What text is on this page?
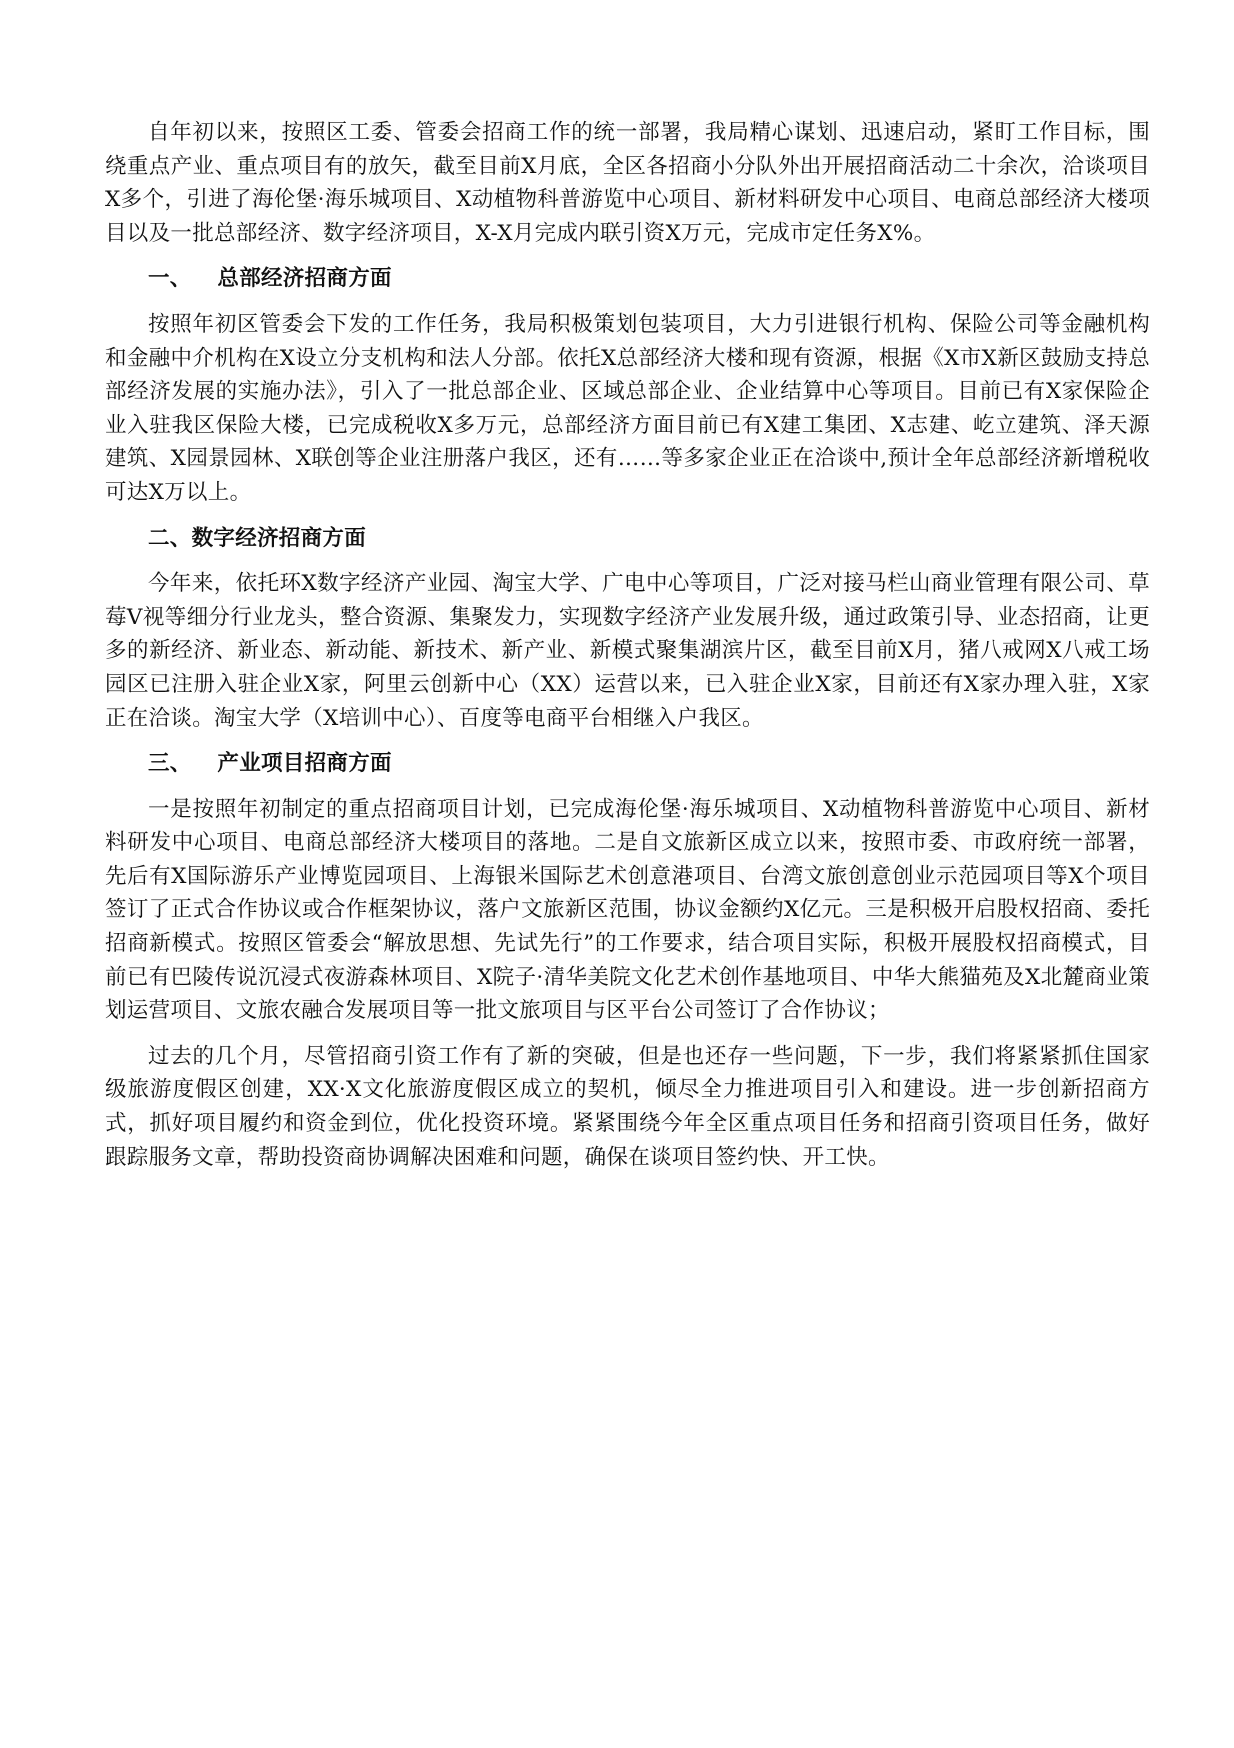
自年初以来，按照区工委、管委会招商工作的统一部署，我局精心谋划、迅速启动，紧盯工作目标，围绕重点产业、重点项目有的放矢，截至目前X月底，全区各招商小分队外出开展招商活动二十余次，洽谈项目X多个，引进了海伦堡·海乐城项目、X动植物科普游览中心项目、新材料研发中心项目、电商总部经济大楼项目以及一批总部经济、数字经济项目，X-X月完成内联引资X万元，完成市定任务X%。

一、 总部经济招商方面

按照年初区管委会下发的工作任务，我局积极策划包装项目，大力引进银行机构、保险公司等金融机构和金融中介机构在X设立分支机构和法人分部。依托X总部经济大楼和现有资源，根据《X市X新区鼓励支持总部经济发展的实施办法》，引入了一批总部企业、区域总部企业、企业结算中心等项目。目前已有X家保险企业入驻我区保险大楼，已完成税收X多万元，总部经济方面目前已有X建工集团、X志建、屹立建筑、泽天源建筑、X园景园林、X联创等企业注册落户我区，还有……等多家企业正在洽谈中,预计全年总部经济新增税收可达X万以上。

二、数字经济招商方面

今年来，依托环X数字经济产业园、淘宝大学、广电中心等项目，广泛对接马栏山商业管理有限公司、草莓V视等细分行业龙头，整合资源、集聚发力，实现数字经济产业发展升级，通过政策引导、业态招商，让更多的新经济、新业态、新动能、新技术、新产业、新模式聚集湖滨片区，截至目前X月，猪八戒网X八戒工场园区已注册入驻企业X家，阿里云创新中心（XX）运营以来，已入驻企业X家，目前还有X家办理入驻，X家正在洽谈。淘宝大学（X培训中心）、百度等电商平台相继入户我区。

三、 产业项目招商方面

一是按照年初制定的重点招商项目计划，已完成海伦堡·海乐城项目、X动植物科普游览中心项目、新材料研发中心项目、电商总部经济大楼项目的落地。二是自文旅新区成立以来，按照市委、市政府统一部署，先后有X国际游乐产业博览园项目、上海银米国际艺术创意港项目、台湾文旅创意创业示范园项目等X个项目签订了正式合作协议或合作框架协议，落户文旅新区范围，协议金额约X亿元。三是积极开启股权招商、委托招商新模式。按照区管委会“解放思想、先试先行”的工作要求，结合项目实际，积极开展股权招商模式，目前已有巴陵传说沉浸式夜游森林项目、X院子·清华美院文化艺术创作基地项目、中华大熊猫苑及X北麓商业策划运营项目、文旅农融合发展项目等一批文旅项目与区平台公司签订了合作协议；

过去的几个月，尽管招商引资工作有了新的突破，但是也还存一些问题，下一步，我们将紧紧抓住国家级旅游度假区创建，XX·X文化旅游度假区成立的契机，倾尽全力推进项目引入和建设。进一步创新招商方式，抓好项目履约和资金到位，优化投资环境。紧紧围绕今年全区重点项目任务和招商引资项目任务，做好跟踪服务文章，帮助投资商协调解决困难和问题，确保在谈项目签约快、开工快。
